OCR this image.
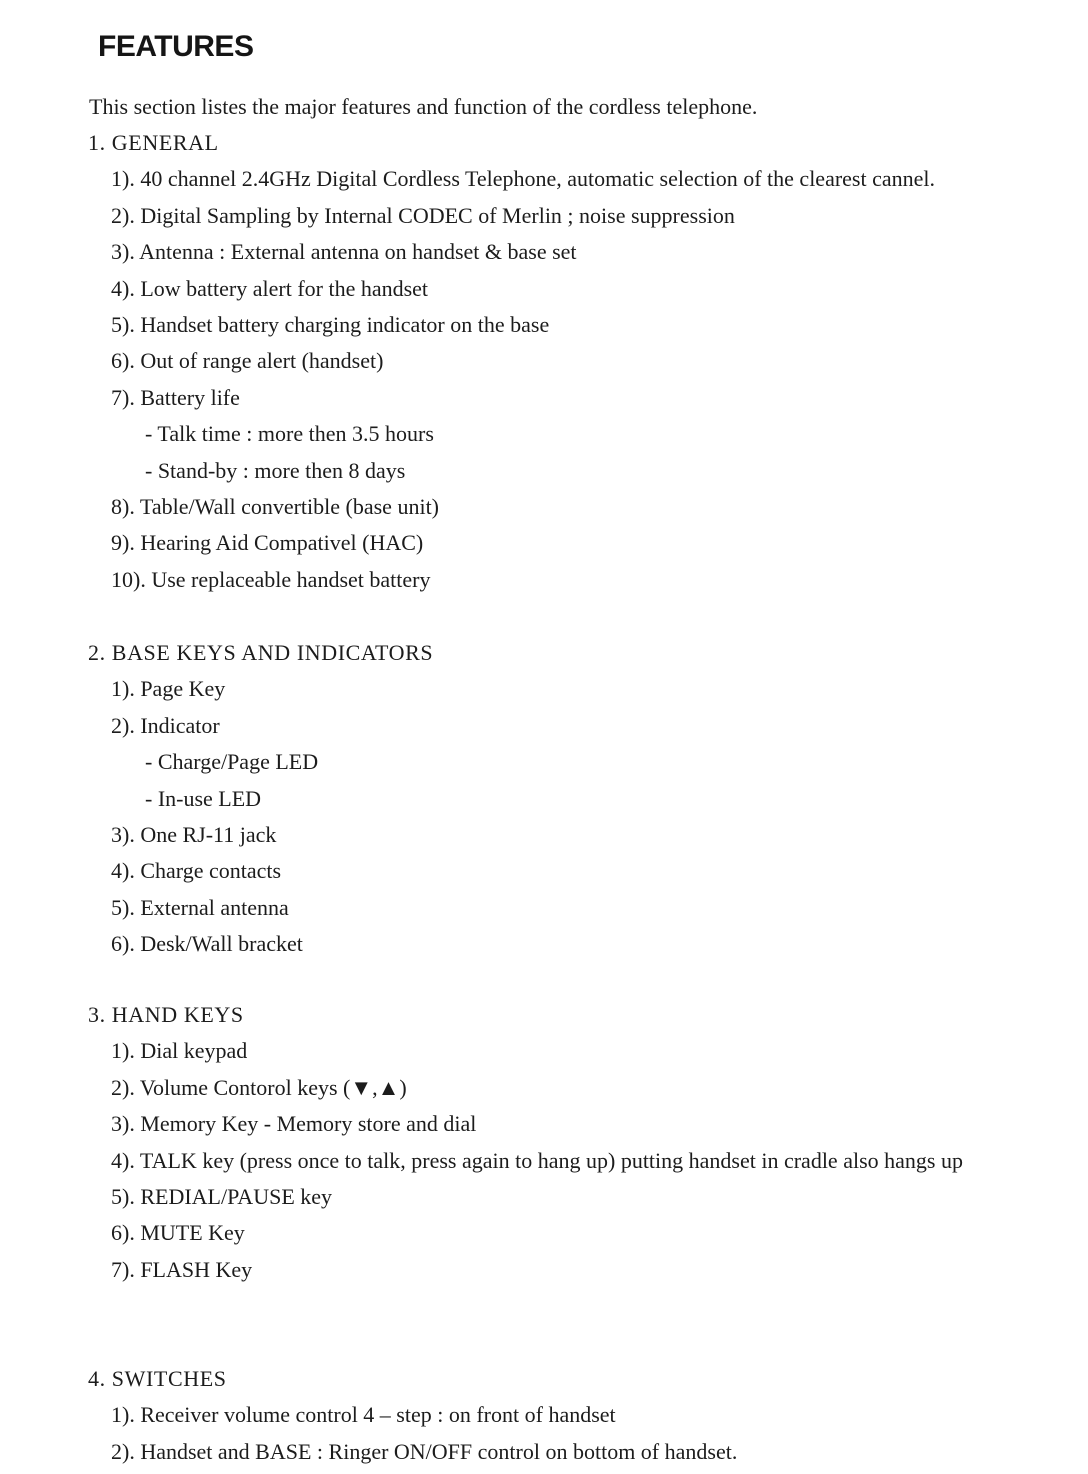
FEATURES

This section listes the major features and function of the cordless telephone.

1. GENERAL

1). 40 channel 2.4GHz Digital Cordless Telephone, automatic selection of the clearest cannel.
2). Digital Sampling by Internal CODEC of Merlin ; noise suppression
3). Antenna : External antenna on handset & base set
4). Low battery alert for the handset
5). Handset battery charging indicator on the base
6). Out of range alert (handset)
7). Battery life
- Talk time : more then 3.5 hours
- Stand-by : more then 8 days
8). Table/Wall convertible (base unit)
9). Hearing Aid Compativel (HAC)
10). Use replaceable handset battery

2. BASE KEYS AND INDICATORS

1). Page Key
2). Indicator
- Charge/Page LED
- In-use LED
3). One RJ-11 jack
4). Charge contacts
5). External antenna
6). Desk/Wall bracket

3. HAND KEYS

1). Dial keypad
2). Volume Contorol keys (▼,▲)
3). Memory Key - Memory store and dial
4). TALK key (press once to talk, press again to hang up) putting handset in cradle also hangs up
5). REDIAL/PAUSE key
6). MUTE Key
7). FLASH Key

4. SWITCHES

1). Receiver volume control 4 – step : on front of handset
2). Handset and BASE : Ringer ON/OFF control on bottom of handset.
